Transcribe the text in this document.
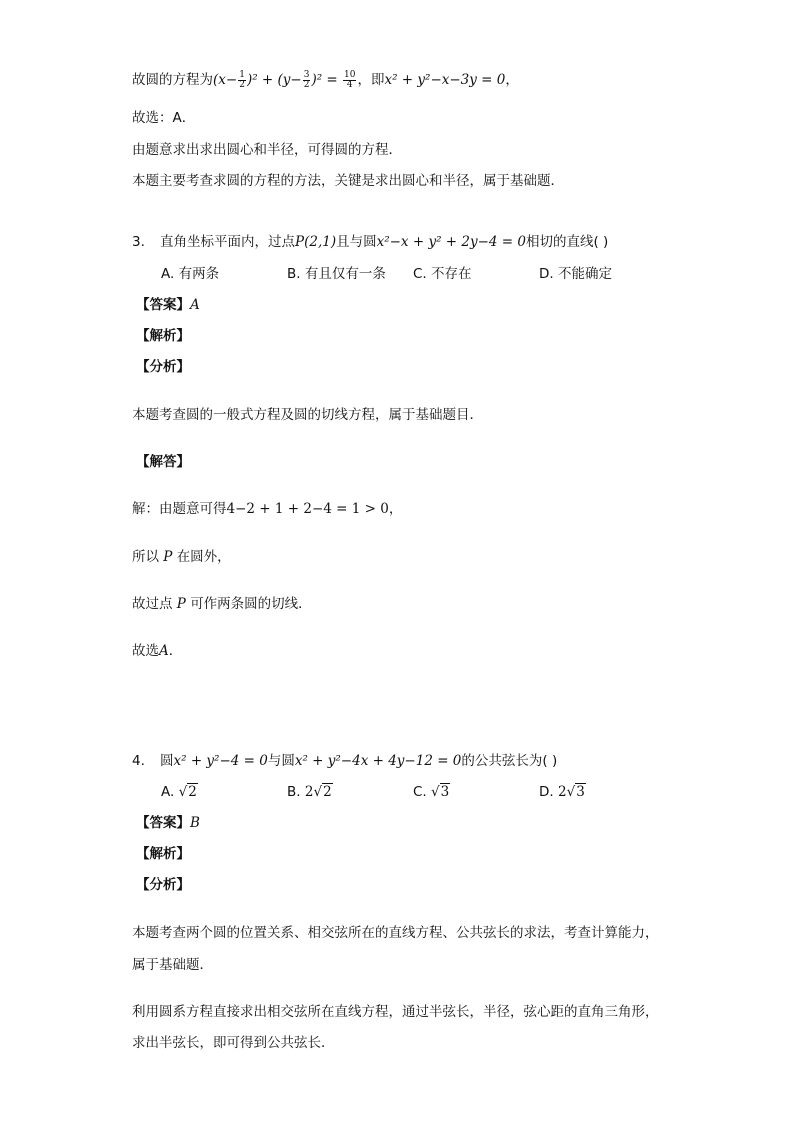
故圆的方程为$(x- \frac{1}{2} )^2 + (y- \frac{3}{2} )^2 = \frac{10}{4}$ ，即x² + y²−x−3y = 0，
故选：A．
由题意求出求出圆心和半径，可得圆的方程．
本题主要考查求圆的方程的方法，关键是求出圆心和半径，属于基础题．
3. 直角坐标平面内，过点P(2,1)且与圆x²−x + y² + 2y−4 = 0相切的直线( )
A. 有两条	B. 有且仅有一条 C. 不存在	D. 不能确定
【答案】A
【解析】
【分析】
本题考查圆的一般式方程及圆的切线方程，属于基础题目．
【解答】
解：由题意可得4−2 + 1 + 2−4 = 1 > 0，
所以 P 在圆外，
故过点 P 可作两条圆的切线．
故选A．
4. 圆x² + y²−4 = 0与圆x² + y²−4x + 4y−12 = 0的公共弦长为( )
A. √2	B. 2√2	C. √3	D. 2√3
【答案】B
【解析】
【分析】
本题考查两个圆的位置关系、相交弦所在的直线方程、公共弦长的求法，考查计算能力，
属于基础题．
利用圆系方程直接求出相交弦所在直线方程，通过半弦长，半径，弦心距的直角三角形，
求出半弦长，即可得到公共弦长．
